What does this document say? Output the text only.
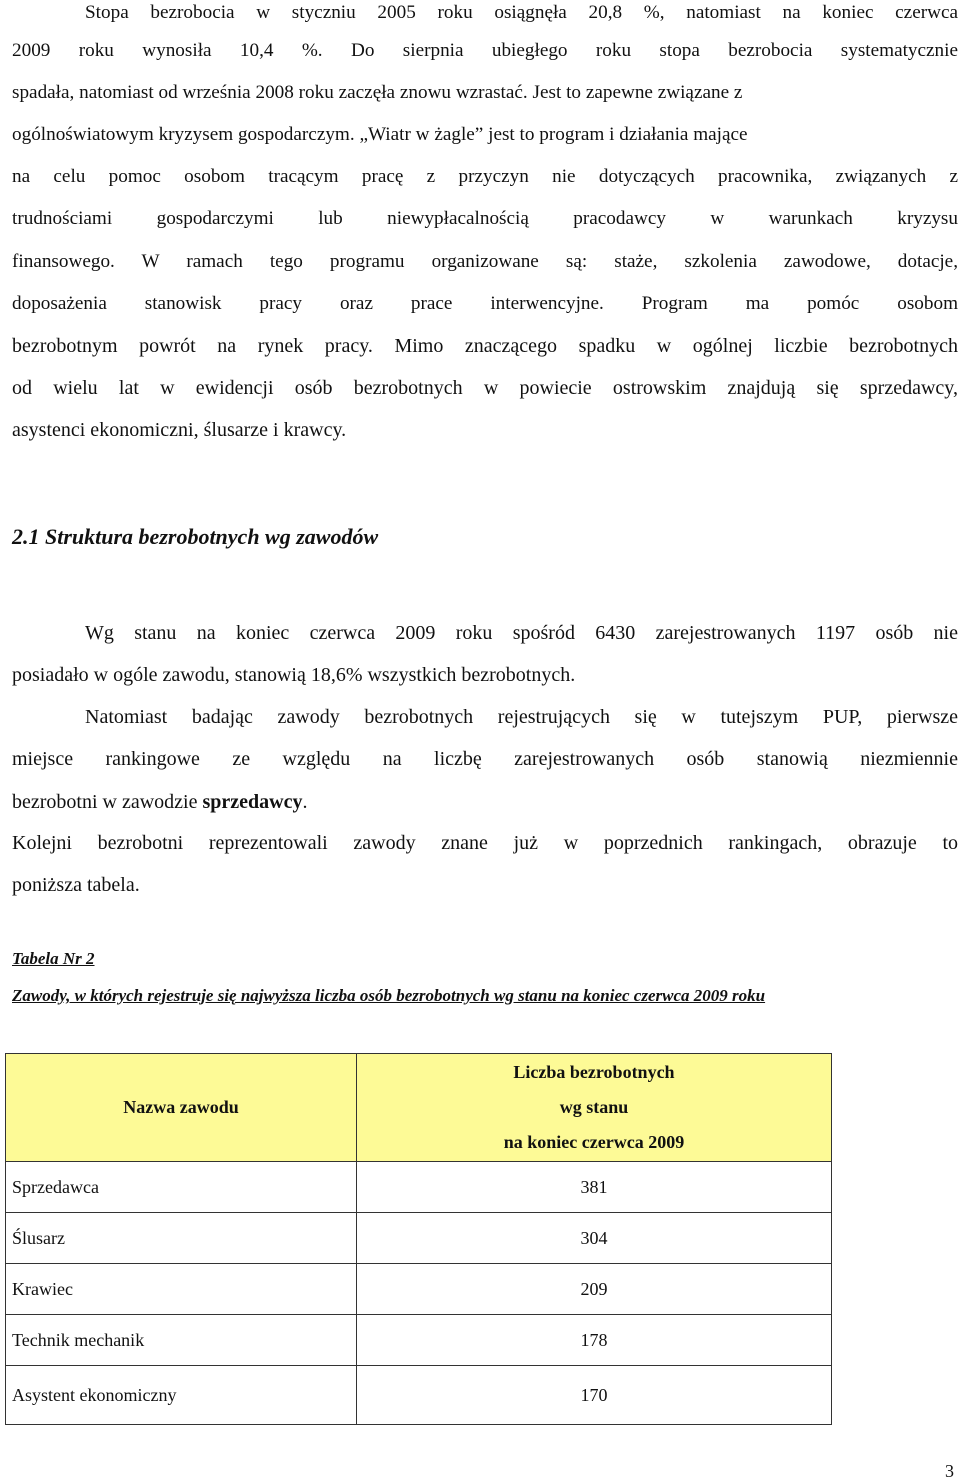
Stopa bezrobocia w styczniu 2005 roku osiągnęła 20,8 %, natomiast na koniec czerwca
2009 roku wynosiła 10,4 %. Do sierpnia ubiegłego roku stopa bezrobocia systematycznie
spadała, natomiast od września 2008 roku zaczęła znowu wzrastać. Jest to zapewne związane z
ogólnoświatowym kryzysem gospodarczym. „Wiatr w żagle” jest to program i działania mające
na celu pomoc osobom tracącym pracę z przyczyn nie dotyczących pracownika, związanych z
trudnościami gospodarczymi lub niewypłacalnością pracodawcy w warunkach kryzysu
finansowego. W ramach tego programu organizowane są: staże, szkolenia zawodowe, dotacje,
doposażenia stanowisk pracy oraz prace interwencyjne. Program ma pomóc osobom
bezrobotnym powrót na rynek pracy. Mimo znaczącego spadku w ogólnej liczbie bezrobotnych
od wielu lat w ewidencji osób bezrobotnych w powiecie ostrowskim znajdują się sprzedawcy,
asystenci ekonomiczni, ślusarze i krawcy.
2.1 Struktura bezrobotnych wg zawodów
Wg stanu na koniec czerwca 2009 roku spośród 6430 zarejestrowanych 1197 osób nie
posiadało w ogóle zawodu, stanowią 18,6% wszystkich bezrobotnych.
Natomiast badając zawody bezrobotnych rejestrujących się w tutejszym PUP, pierwsze
miejsce rankingowe ze względu na liczbę zarejestrowanych osób stanowią niezmiennie
bezrobotni w zawodzie sprzedawcy.
Kolejni bezrobotni reprezentowali zawody znane już w poprzednich rankingach, obrazuje to
poniższa tabela.
Tabela Nr 2
Zawody, w których rejestruje się najwyższa liczba osób bezrobotnych wg stanu na koniec czerwca 2009 roku
Nazwa zawodu	Liczba bezrobotnych
wg stanu
na koniec czerwca 2009

Sprzedawca	381
Ślusarz	304
Krawiec	209
Technik mechanik	178
Asystent ekonomiczny	170
3
